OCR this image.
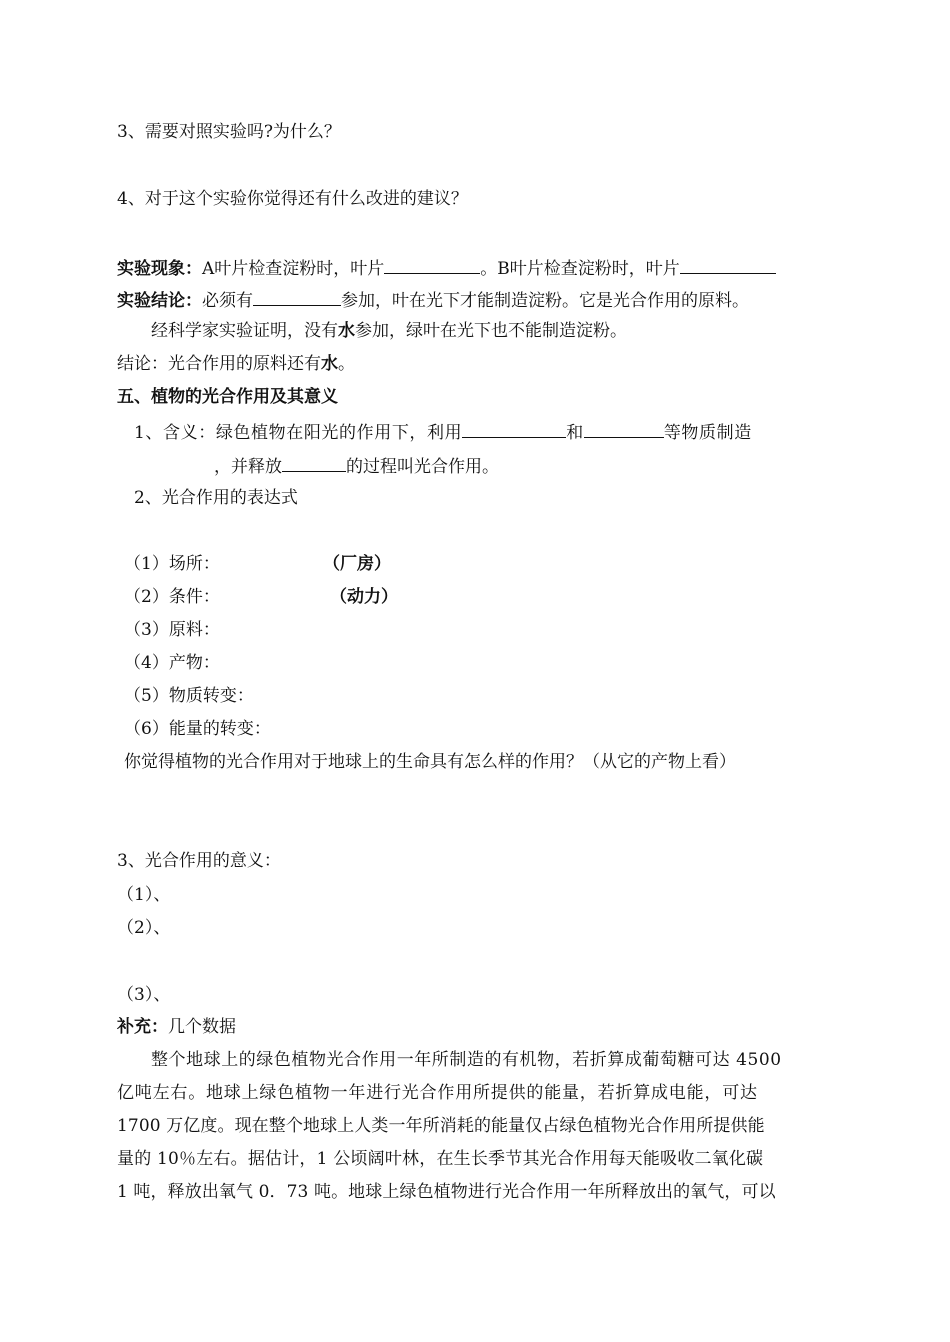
3、需要对照实验吗?为什么？
4、对于这个实验你觉得还有什么改进的建议？
实验现象：A叶片检查淀粉时，叶片	。B叶片检查淀粉时，叶片
实验结论：必须有	参加，叶在光下才能制造淀粉。它是光合作用的原料。
经科学家实验证明，没有水参加，绿叶在光下也不能制造淀粉。
结论：光合作用的原料还有水。
五、植物的光合作用及其意义
1、含义：绿色植物在阳光的作用下，利用	和	等物质制造
，并释放	的过程叫光合作用。
2、光合作用的表达式
（1）场所：	（厂房）
（2）条件：	（动力）
（3）原料：
（4）产物：
（5）物质转变：
（6）能量的转变：
你觉得植物的光合作用对于地球上的生命具有怎么样的作用？（从它的产物上看）
3、光合作用的意义：
（1）、
（2）、
（3）、
补充：几个数据
整个地球上的绿色植物光合作用一年所制造的有机物，若折算成葡萄糖可达 4500
亿吨左右。地球上绿色植物一年进行光合作用所提供的能量，若折算成电能，可达
1700 万亿度。现在整个地球上人类一年所消耗的能量仅占绿色植物光合作用所提供能
量的 10％左右。据估计，1 公顷阔叶林，在生长季节其光合作用每天能吸收二氧化碳
1 吨，释放出氧气 0．73 吨。地球上绿色植物进行光合作用一年所释放出的氧气，可以
